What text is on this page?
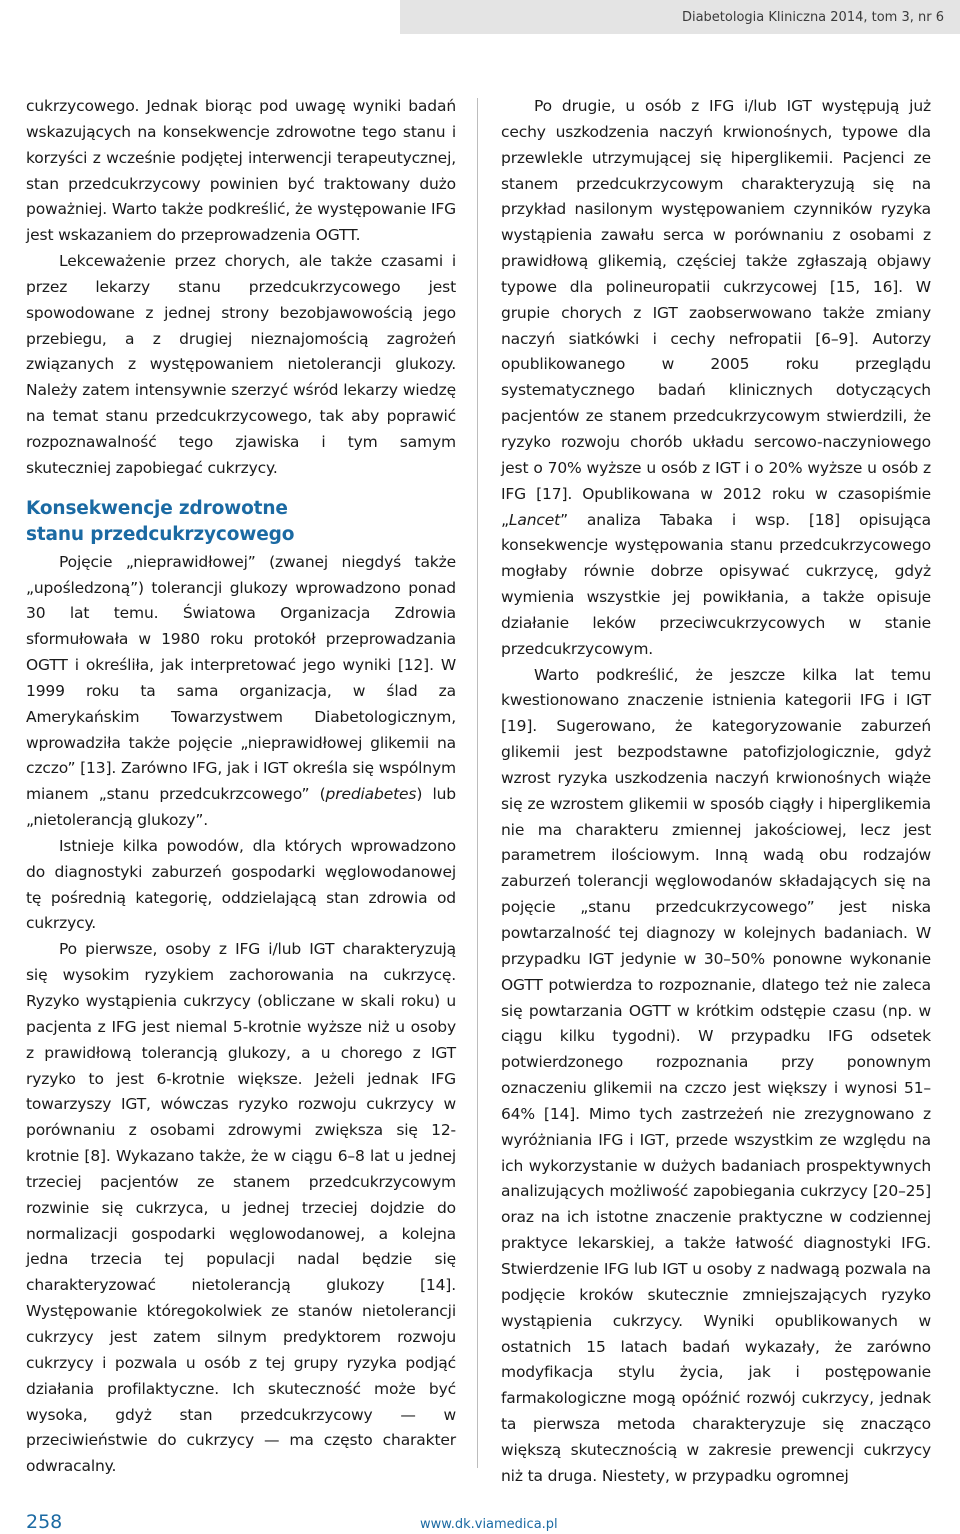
Diabetologia Kliniczna 2014, tom 3, nr 6

cukrzycowego. Jednak biorąc pod uwagę wyniki badań wskazujących na konsekwencje zdrowotne tego stanu i korzyści z wcześnie podjętej interwencji terapeutycznej, stan przedcukrzycowy powinien być traktowany dużo poważniej. Warto także podkreślić, że występowanie IFG jest wskazaniem do przeprowadzenia OGTT.

Lekceważenie przez chorych, ale także czasami i przez lekarzy stanu przedcukrzycowego jest spowodowane z jednej strony bezobjawowością jego przebiegu, a z drugiej nieznajomością zagrożeń związanych z występowaniem nietolerancji glukozy. Należy zatem intensywnie szerzyć wśród lekarzy wiedzę na temat stanu przedcukrzycowego, tak aby poprawić rozpoznawalność tego zjawiska i tym samym skuteczniej zapobiegać cukrzycy.

Konsekwencje zdrowotne
stanu przedcukrzycowego

Pojęcie „nieprawidłowej” (zwanej niegdyś także „upośledzoną”) tolerancji glukozy wprowadzono ponad 30 lat temu. Światowa Organizacja Zdrowia sformułowała w 1980 roku protokół przeprowadzania OGTT i określiła, jak interpretować jego wyniki [12]. W 1999 roku ta sama organizacja, w ślad za Amerykańskim Towarzystwem Diabetologicznym, wprowadziła także pojęcie „nieprawidłowej glikemii na czczo” [13]. Zarówno IFG, jak i IGT określa się wspólnym mianem „stanu przedcukrzcowego” (prediabetes) lub „nietolerancją glukozy”.

Istnieje kilka powodów, dla których wprowadzono do diagnostyki zaburzeń gospodarki węglowodanowej tę pośrednią kategorię, oddzielającą stan zdrowia od cukrzycy.

Po pierwsze, osoby z IFG i/lub IGT charakteryzują się wysokim ryzykiem zachorowania na cukrzycę. Ryzyko wystąpienia cukrzycy (obliczane w skali roku) u pacjenta z IFG jest niemal 5-krotnie wyższe niż u osoby z prawidłową tolerancją glukozy, a u chorego z IGT ryzyko to jest 6-krotnie większe. Jeżeli jednak IFG towarzyszy IGT, wówczas ryzyko rozwoju cukrzycy w porównaniu z osobami zdrowymi zwiększa się 12-krotnie [8]. Wykazano także, że w ciągu 6–8 lat u jednej trzeciej pacjentów ze stanem przedcukrzycowym rozwinie się cukrzyca, u jednej trzeciej dojdzie do normalizacji gospodarki węglowodanowej, a kolejna jedna trzecia tej populacji nadal będzie się charakteryzować nietolerancją glukozy [14]. Występowanie któregokolwiek ze stanów nietolerancji cukrzycy jest zatem silnym predyktorem rozwoju cukrzycy i pozwala u osób z tej grupy ryzyka podjąć działania profilaktyczne. Ich skuteczność może być wysoka, gdyż stan przedcukrzycowy — w przeciwieństwie do cukrzycy — ma często charakter odwracalny.

Po drugie, u osób z IFG i/lub IGT występują już cechy uszkodzenia naczyń krwionośnych, typowe dla przewlekle utrzymującej się hiperglikemii. Pacjenci ze stanem przedcukrzycowym charakteryzują się na przykład nasilonym występowaniem czynników ryzyka wystąpienia zawału serca w porównaniu z osobami z prawidłową glikemią, częściej także zgłaszają objawy typowe dla polineuropatii cukrzycowej [15, 16]. W grupie chorych z IGT zaobserwowano także zmiany naczyń siatkówki i cechy nefropatii [6–9]. Autorzy opublikowanego w 2005 roku przeglądu systematycznego badań klinicznych dotyczących pacjentów ze stanem przedcukrzycowym stwierdzili, że ryzyko rozwoju chorób układu sercowo-naczyniowego jest o 70% wyższe u osób z IGT i o 20% wyższe u osób z IFG [17]. Opublikowana w 2012 roku w czasopiśmie „Lancet” analiza Tabaka i wsp. [18] opisująca konsekwencje występowania stanu przedcukrzycowego mogłaby równie dobrze opisywać cukrzycę, gdyż wymienia wszystkie jej powikłania, a także opisuje działanie leków przeciwcukrzycowych w stanie przedcukrzycowym.

Warto podkreślić, że jeszcze kilka lat temu kwestionowano znaczenie istnienia kategorii IFG i IGT [19]. Sugerowano, że kategoryzowanie zaburzeń glikemii jest bezpodstawne patofizjologicznie, gdyż wzrost ryzyka uszkodzenia naczyń krwionośnych wiąże się ze wzrostem glikemii w sposób ciągły i hiperglikemia nie ma charakteru zmiennej jakościowej, lecz jest parametrem ilościowym. Inną wadą obu rodzajów zaburzeń tolerancji węglowodanów składających się na pojęcie „stanu przedcukrzycowego” jest niska powtarzalność tej diagnozy w kolejnych badaniach. W przypadku IGT jedynie w 30–50% ponowne wykonanie OGTT potwierdza to rozpoznanie, dlatego też nie zaleca się powtarzania OGTT w krótkim odstępie czasu (np. w ciągu kilku tygodni). W przypadku IFG odsetek potwierdzonego rozpoznania przy ponownym oznaczeniu glikemii na czczo jest większy i wynosi 51–64% [14]. Mimo tych zastrzeżeń nie zrezygnowano z wyróżniania IFG i IGT, przede wszystkim ze względu na ich wykorzystanie w dużych badaniach prospektywnych analizujących możliwość zapobiegania cukrzycy [20–25] oraz na ich istotne znaczenie praktyczne w codziennej praktyce lekarskiej, a także łatwość diagnostyki IFG. Stwierdzenie IFG lub IGT u osoby z nadwagą pozwala na podjęcie kroków skutecznie zmniejszających ryzyko wystąpienia cukrzycy. Wyniki opublikowanych w ostatnich 15 latach badań wykazały, że zarówno modyfikacja stylu życia, jak i postępowanie farmakologiczne mogą opóźnić rozwój cukrzycy, jednak ta pierwsza metoda charakteryzuje się znacząco większą skutecznością w zakresie prewencji cukrzycy niż ta druga. Niestety, w przypadku ogromnej

258	www.dk.viamedica.pl
